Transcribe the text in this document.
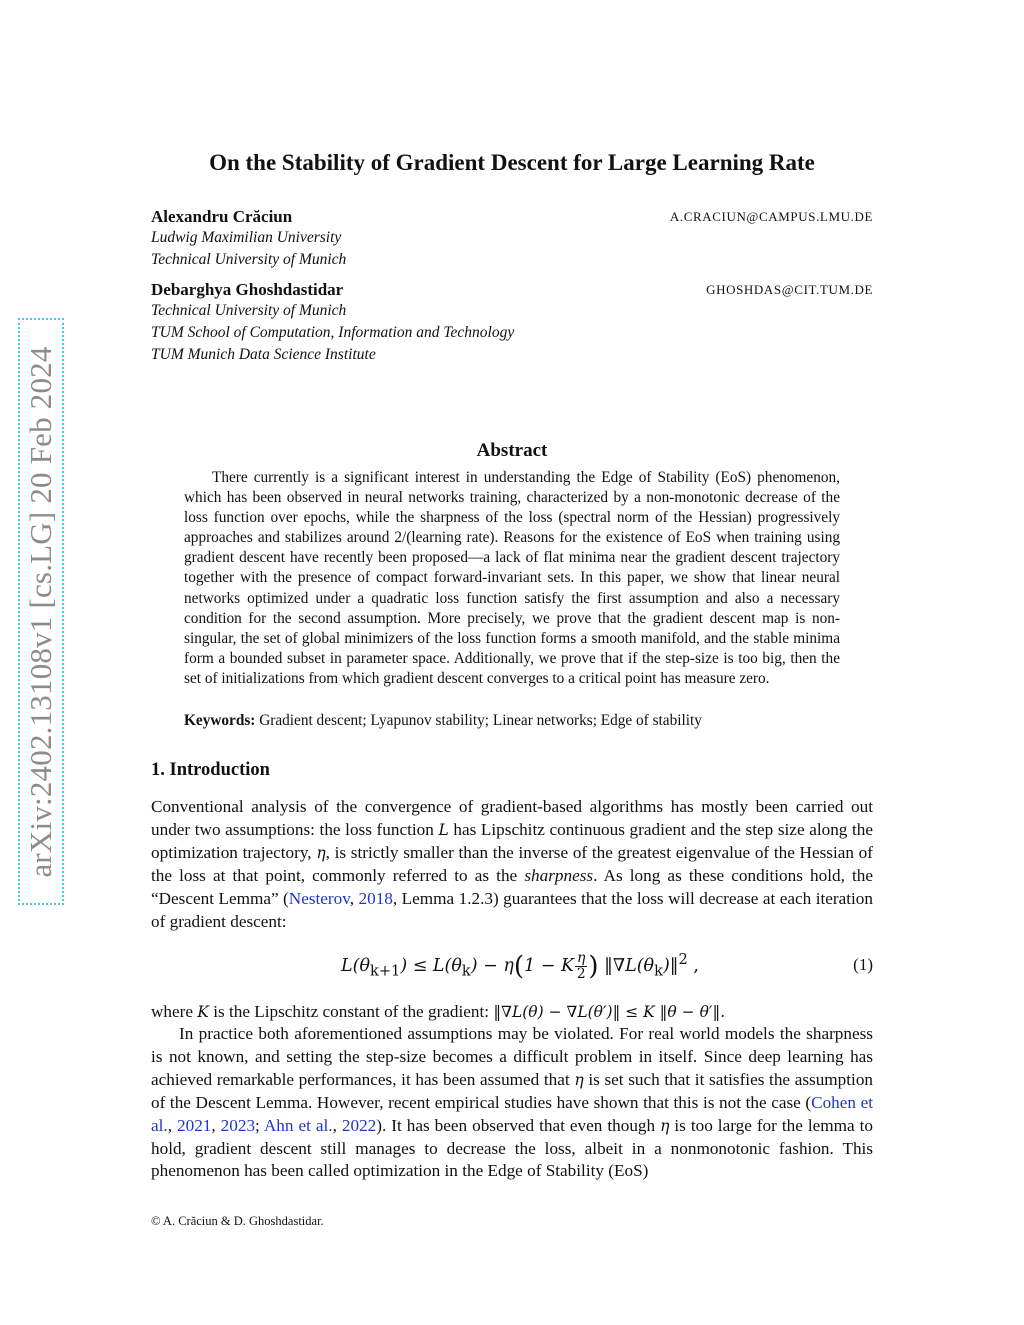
arXiv:2402.13108v1 [cs.LG] 20 Feb 2024
On the Stability of Gradient Descent for Large Learning Rate
Alexandru Crăciun	A.CRACIUN@CAMPUS.LMU.DE
Ludwig Maximilian University
Technical University of Munich
Debarghya Ghoshdastidar	GHOSHDAS@CIT.TUM.DE
Technical University of Munich
TUM School of Computation, Information and Technology
TUM Munich Data Science Institute
Abstract

There currently is a significant interest in understanding the Edge of Stability (EoS) phenomenon, which has been observed in neural networks training, characterized by a non-monotonic decrease of the loss function over epochs, while the sharpness of the loss (spectral norm of the Hessian) progressively approaches and stabilizes around 2/(learning rate). Reasons for the existence of EoS when training using gradient descent have recently been proposed—a lack of flat minima near the gradient descent trajectory together with the presence of compact forward-invariant sets. In this paper, we show that linear neural networks optimized under a quadratic loss function satisfy the first assumption and also a necessary condition for the second assumption. More precisely, we prove that the gradient descent map is non-singular, the set of global minimizers of the loss function forms a smooth manifold, and the stable minima form a bounded subset in parameter space. Additionally, we prove that if the step-size is too big, then the set of initializations from which gradient descent converges to a critical point has measure zero.

Keywords: Gradient descent; Lyapunov stability; Linear networks; Edge of stability
1. Introduction

Conventional analysis of the convergence of gradient-based algorithms has mostly been carried out under two assumptions: the loss function L has Lipschitz continuous gradient and the step size along the optimization trajectory, η, is strictly smaller than the inverse of the greatest eigenvalue of the Hessian of the loss at that point, commonly referred to as the sharpness. As long as these conditions hold, the “Descent Lemma” (Nesterov, 2018, Lemma 1.2.3) guarantees that the loss will decrease at each iteration of gradient descent:

$L(\theta_{k+1}) \le L(\theta_k) - \eta(1 - K \frac{\eta}{2}$ ) $‖\nabla L(\theta_k)‖^2$ ,	(1)

where K is the Lipschitz constant of the gradient: ‖∇L(θ) − ∇L(θ′)‖ ≤ K ‖θ − θ′‖.

In practice both aforementioned assumptions may be violated. For real world models the sharpness is not known, and setting the step-size becomes a difficult problem in itself. Since deep learning has achieved remarkable performances, it has been assumed that η is set such that it satisfies the assumption of the Descent Lemma. However, recent empirical studies have shown that this is not the case (Cohen et al., 2021, 2023; Ahn et al., 2022). It has been observed that even though η is too large for the lemma to hold, gradient descent still manages to decrease the loss, albeit in a nonmonotonic fashion. This phenomenon has been called optimization in the Edge of Stability (EoS)

© A. Crăciun & D. Ghoshdastidar.
